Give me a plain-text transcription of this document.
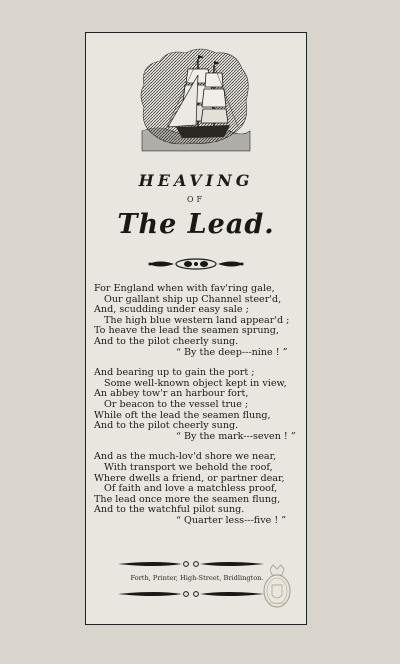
HEAVING
OF
The Lead.
For England when with fav'ring gale,
Our gallant ship up Channel steer'd,
And, scudding under easy sale ;
The high blue western land appear'd ;
To heave the lead the seamen sprung,
And to the pilot cheerly sung.
“ By the deep---nine ! ”
And bearing up to gain the port ;
Some well-known object kept in view,
An abbey tow'r an harbour fort,
Or beacon to the vessel true ;
While oft the lead the seamen flung,
And to the pilot cheerly sung.
“ By the mark---seven ! ”
And as the much-lov'd shore we near,
With transport we behold the roof,
Where dwells a friend, or partner dear,
Of faith and love a matchless proof,
The lead once more the seamen flung,
And to the watchful pilot sung.
“ Quarter less---five ! ”
Forth, Printer, High-Street, Bridlington.
